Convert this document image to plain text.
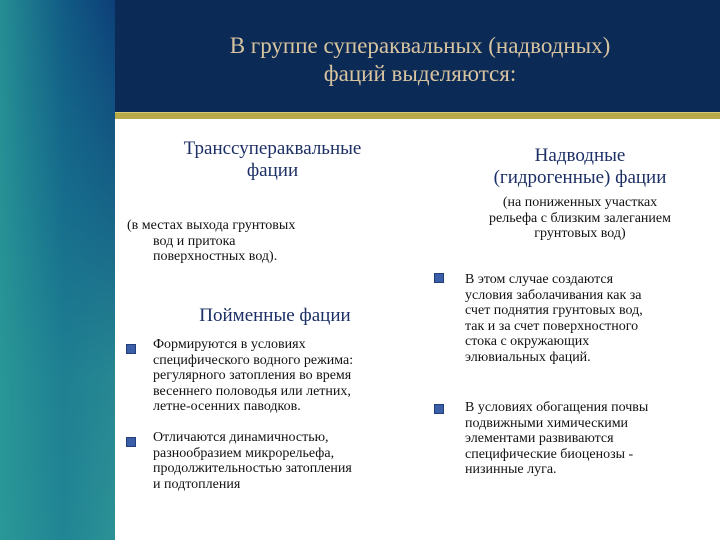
В группе супераквальных (надводных)
фаций выделяются:
Транссупераквальные
фации
(в местах выхода грунтовых
вод и притока
поверхностных вод).
Пойменные фации
Формируются в условиях
специфического водного режима:
регулярного затопления во время
весеннего половодья или летних,
летне-осенних паводков.
Отличаются динамичностью,
разнообразием микрорельефа,
продолжительностью затопления
и подтопления
Надводные
(гидрогенные) фации
(на пониженных участках
рельефа с близким залеганием
грунтовых вод)
В этом случае создаются
условия заболачивания как за
счет поднятия грунтовых вод,
так и за счет поверхностного
стока с окружающих
элювиальных фаций.
В условиях обогащения почвы
подвижными химическими
элементами развиваются
специфические биоценозы -
низинные луга.
